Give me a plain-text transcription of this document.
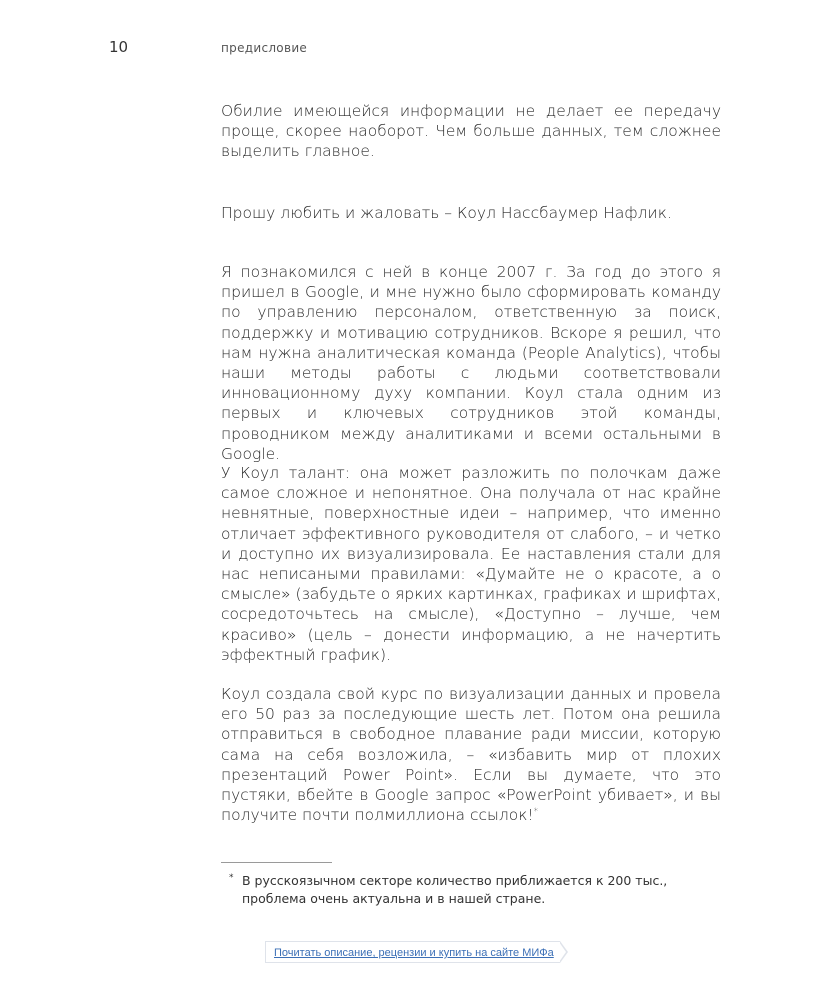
10	предисловие

Обилие имеющейся информации не делает ее передачу проще, скорее наоборот. Чем больше данных, тем сложнее выделить главное.

Прошу любить и жаловать – Коул Нассбаумер Нафлик.

Я познакомился с ней в конце 2007 г. За год до этого я пришел в Google, и мне нужно было сформировать команду по управлению персоналом, ответственную за поиск, поддержку и мотивацию сотрудников. Вскоре я решил, что нам нужна аналитическая команда (People Analytics), чтобы наши методы работы с людьми соответствовали инновационному духу компании. Коул стала одним из первых и ключевых сотрудников этой команды, проводником между аналитиками и всеми остальными в Google.

У Коул талант: она может разложить по полочкам даже самое сложное и непонятное. Она получала от нас крайне невнятные, поверхностные идеи – например, что именно отличает эффективного руководителя от слабого, – и четко и доступно их визуализировала. Ее наставления стали для нас неписаными правилами: «Думайте не о красоте, а о смысле» (забудьте о ярких картинках, графиках и шрифтах, сосредоточьтесь на смысле), «Доступно – лучше, чем красиво» (цель – донести информацию, а не начертить эффектный график).

Коул создала свой курс по визуализации данных и провела его 50 раз за последующие шесть лет. Потом она решила отправиться в свободное плавание ради миссии, которую сама на себя возложила, – «избавить мир от плохих презентаций Power Point». Если вы думаете, что это пустяки, вбейте в Google запрос «PowerPoint убивает», и вы получите почти полмиллиона ссылок!*

* В русскоязычном секторе количество приближается к 200 тыс., проблема очень актуальна и в нашей стране.
Почитать описание, рецензии и купить на сайте МИФа
